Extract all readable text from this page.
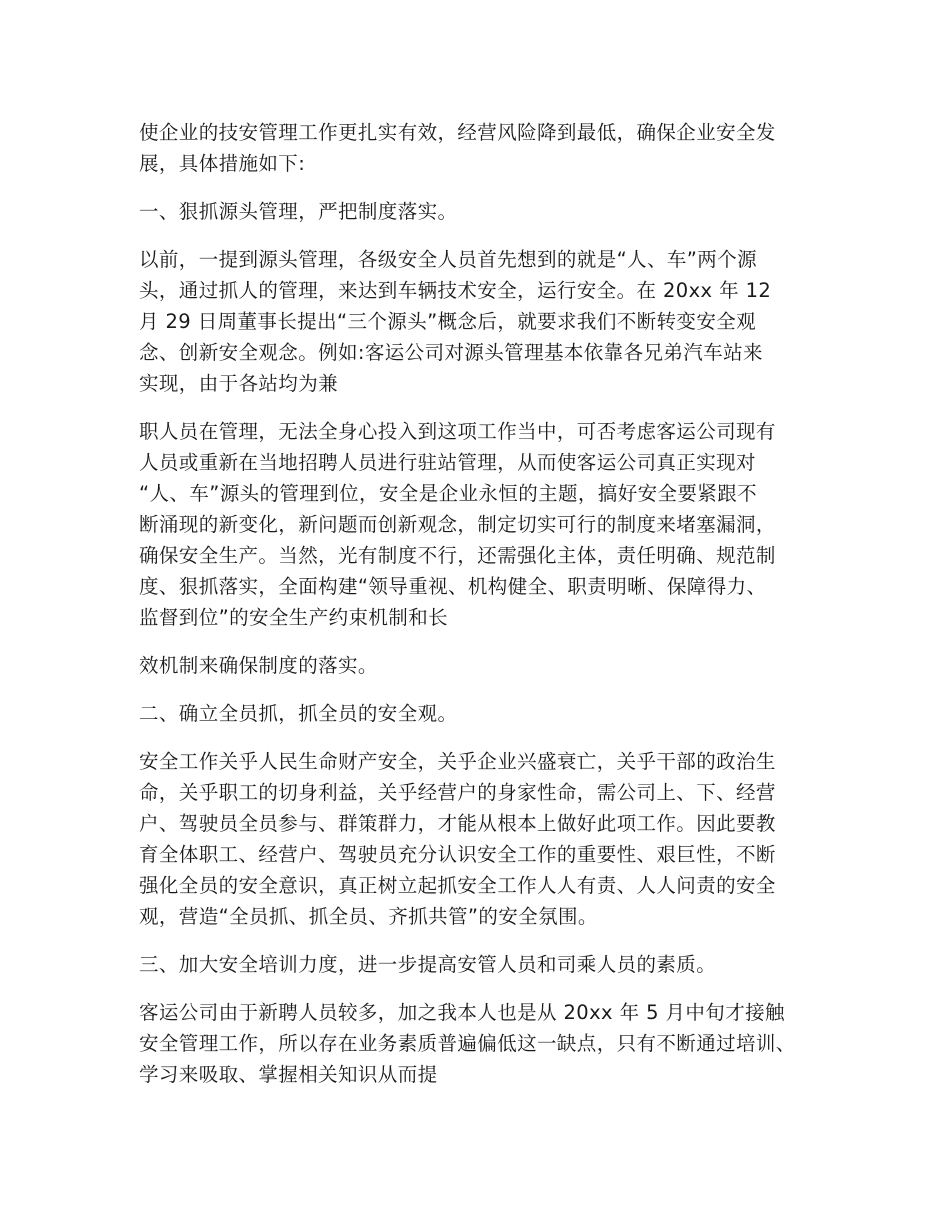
使企业的技安管理工作更扎实有效，经营风险降到最低，确保企业安全发
展，具体措施如下:

一、狠抓源头管理，严把制度落实。

以前，一提到源头管理，各级安全人员首先想到的就是“人、车”两个源
头，通过抓人的管理，来达到车辆技术安全，运行安全。在 20xx 年 12
月 29 日周董事长提出“三个源头”概念后，就要求我们不断转变安全观
念、创新安全观念。例如:客运公司对源头管理基本依靠各兄弟汽车站来
实现，由于各站均为兼

职人员在管理，无法全身心投入到这项工作当中，可否考虑客运公司现有
人员或重新在当地招聘人员进行驻站管理，从而使客运公司真正实现对
“人、车”源头的管理到位，安全是企业永恒的主题，搞好安全要紧跟不
断涌现的新变化，新问题而创新观念，制定切实可行的制度来堵塞漏洞，
确保安全生产。当然，光有制度不行，还需强化主体，责任明确、规范制
度、狠抓落实，全面构建“领导重视、机构健全、职责明晰、保障得力、
监督到位”的安全生产约束机制和长

效机制来确保制度的落实。

二、确立全员抓，抓全员的安全观。

安全工作关乎人民生命财产安全，关乎企业兴盛衰亡，关乎干部的政治生
命，关乎职工的切身利益，关乎经营户的身家性命，需公司上、下、经营
户、驾驶员全员参与、群策群力，才能从根本上做好此项工作。因此要教
育全体职工、经营户、驾驶员充分认识安全工作的重要性、艰巨性，不断
强化全员的安全意识，真正树立起抓安全工作人人有责、人人问责的安全
观，营造“全员抓、抓全员、齐抓共管”的安全氛围。

三、加大安全培训力度，进一步提高安管人员和司乘人员的素质。

客运公司由于新聘人员较多，加之我本人也是从 20xx 年 5 月中旬才接触
安全管理工作，所以存在业务素质普遍偏低这一缺点，只有不断通过培训、
学习来吸取、掌握相关知识从而提
